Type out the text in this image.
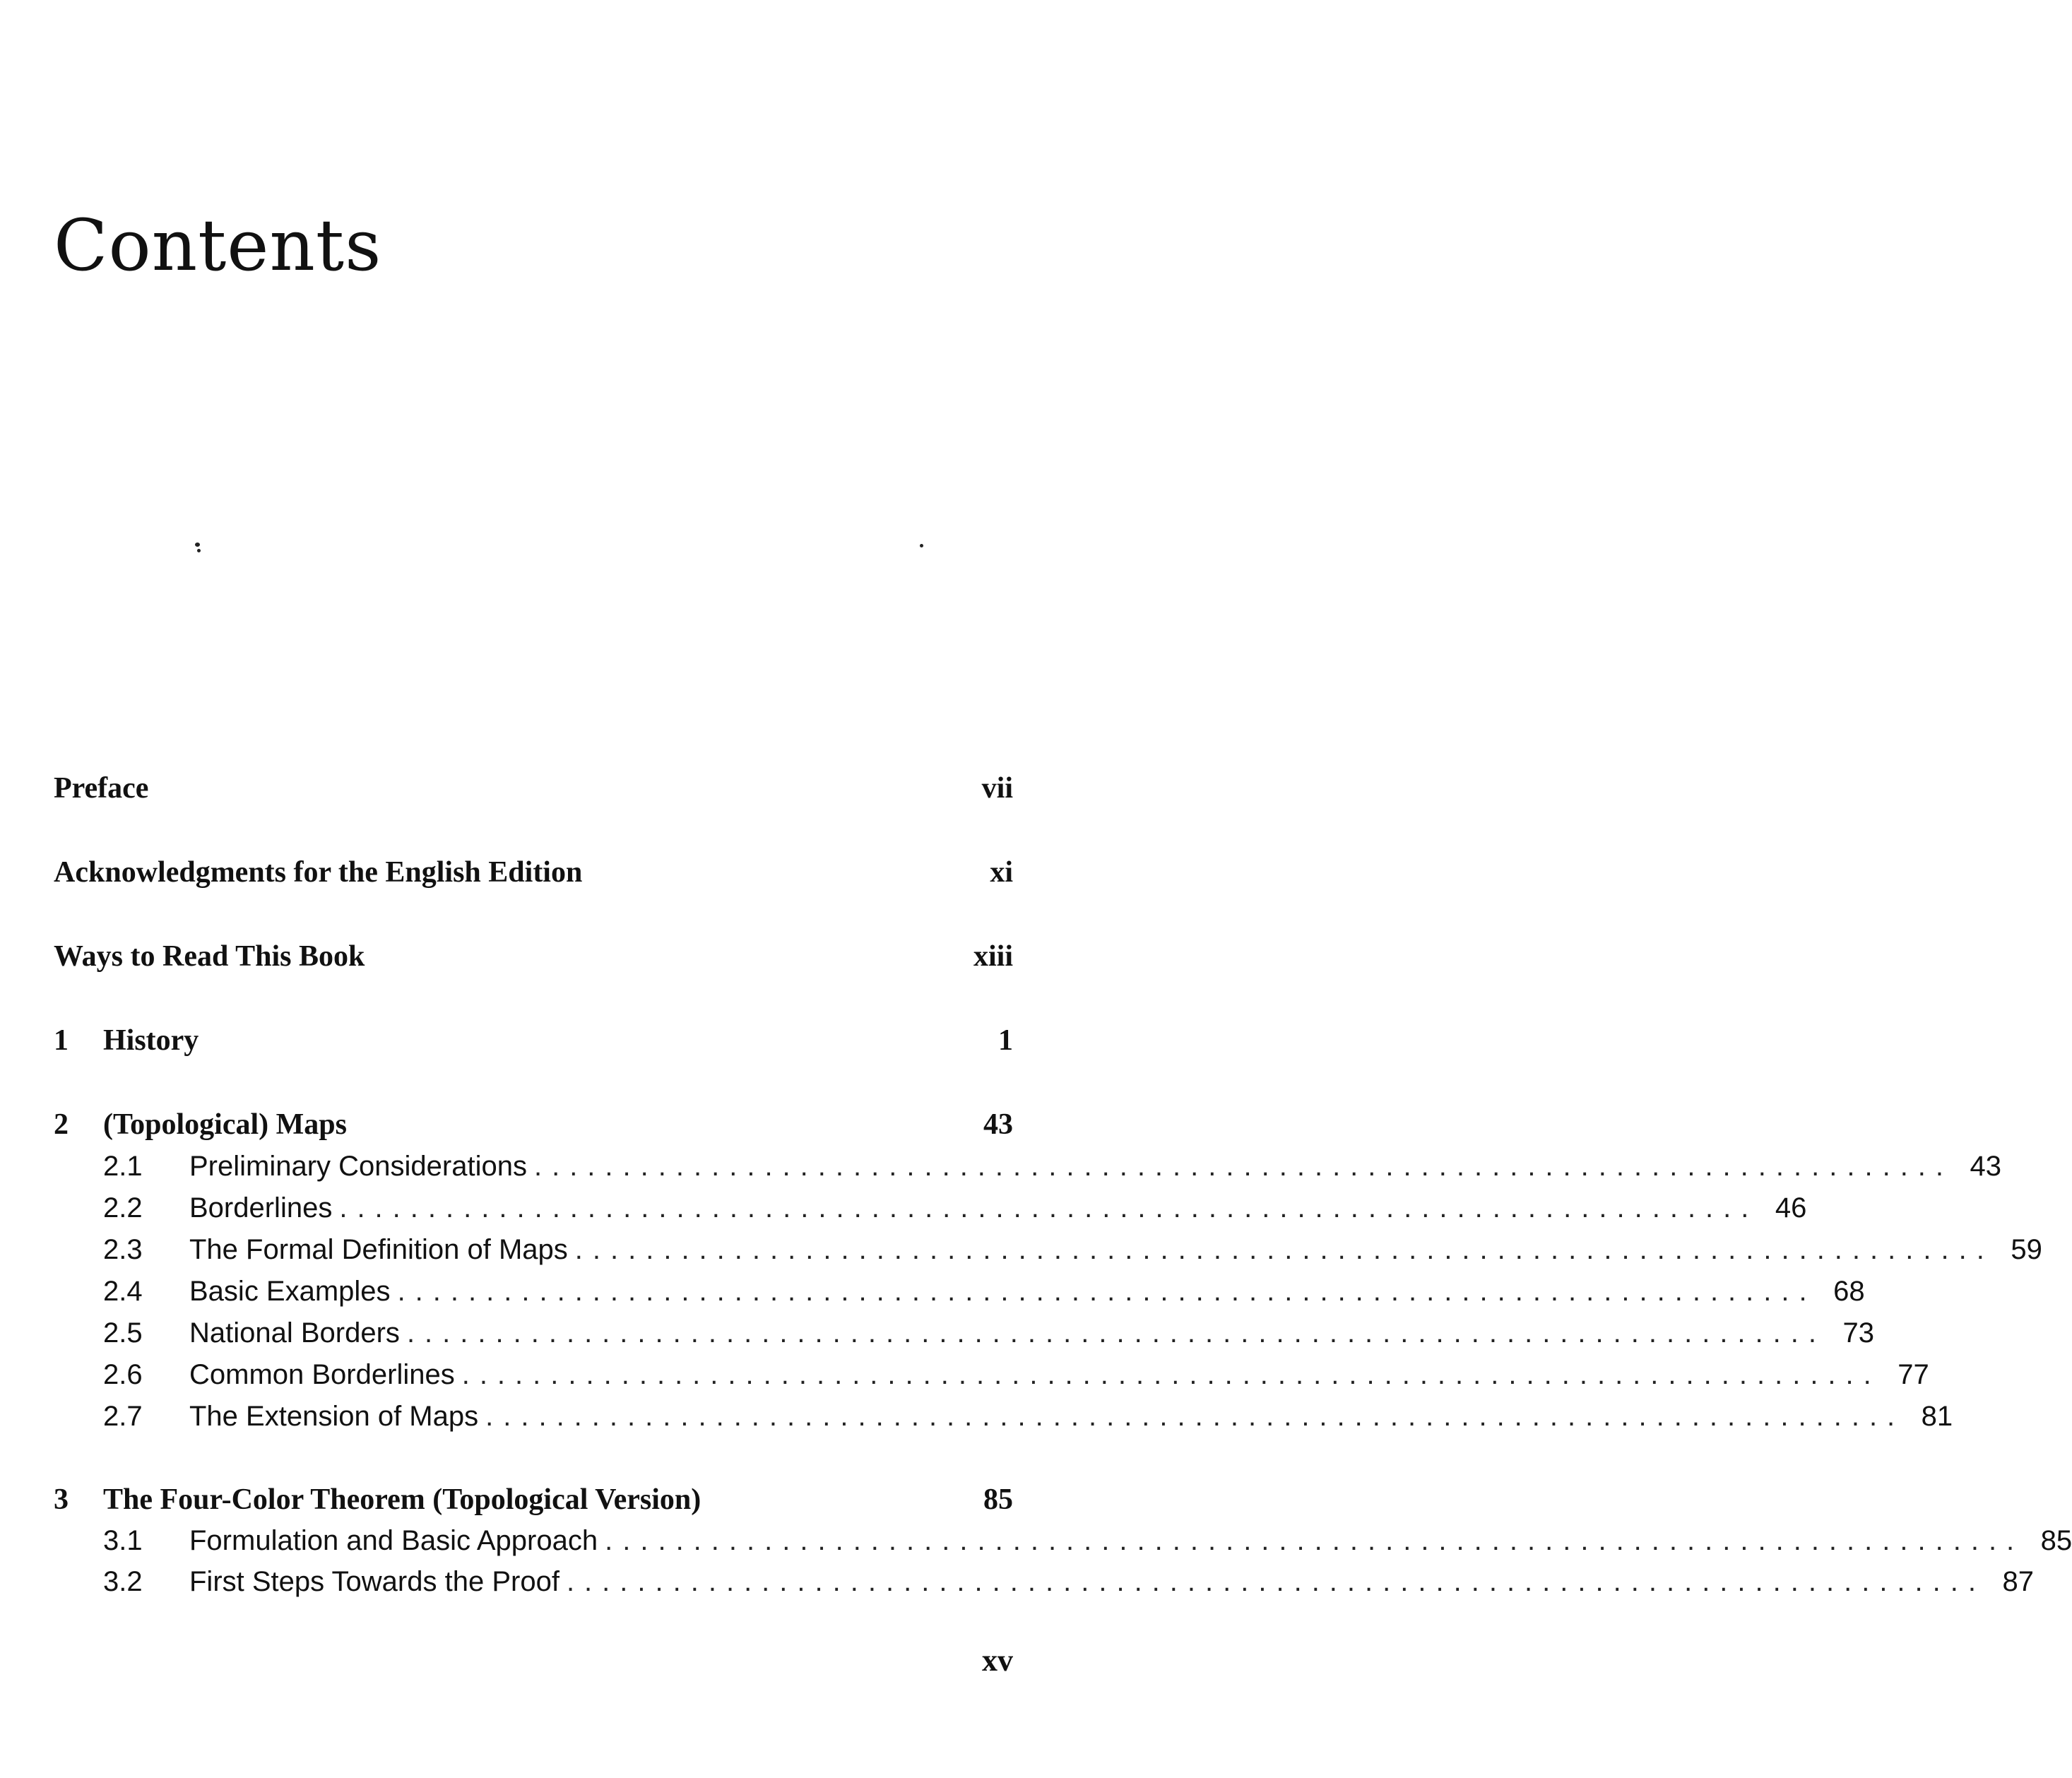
Contents
Preface	vii
Acknowledgments for the English Edition	xi
Ways to Read This Book	xiii
1	History	1
2	(Topological) Maps	43
2.1	Preliminary Considerations ................................................................................ 43
2.2	Borderlines ................................................................................ 46
2.3	The Formal Definition of Maps ................................................................................ 59
2.4	Basic Examples ................................................................................ 68
2.5	National Borders ................................................................................ 73
2.6	Common Borderlines ................................................................................ 77
2.7	The Extension of Maps ................................................................................ 81
3	The Four-Color Theorem (Topological Version)	85
3.1	Formulation and Basic Approach ................................................................................ 85
3.2	First Steps Towards the Proof ................................................................................ 87
xv
